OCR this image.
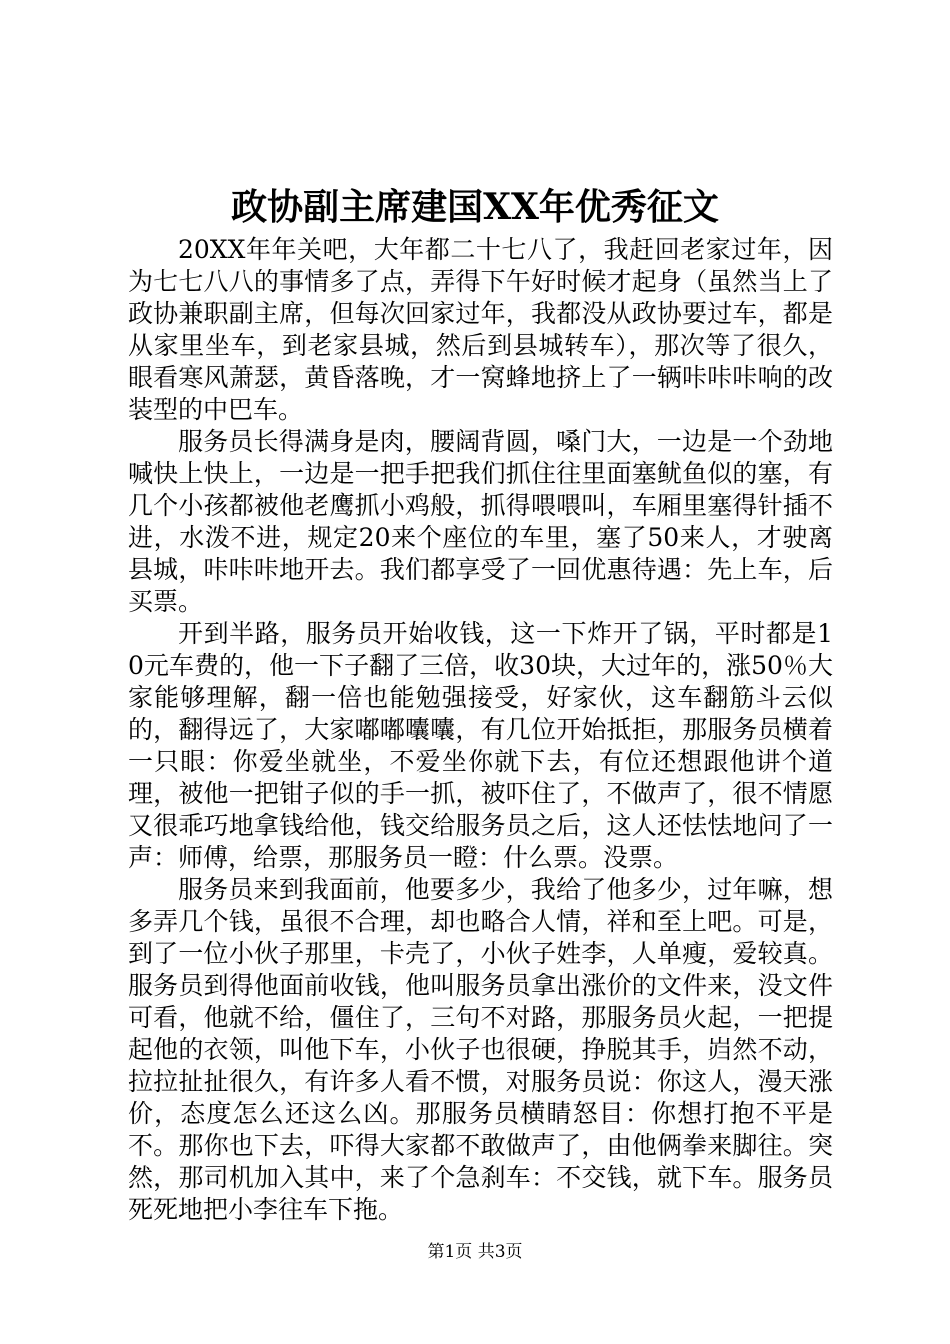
政协副主席建国XX年优秀征文

20XX年年关吧，大年都二十七八了，我赶回老家过年，因为七七八八的事情多了点，弄得下午好时候才起身（虽然当上了政协兼职副主席，但每次回家过年，我都没从政协要过车，都是从家里坐车，到老家县城，然后到县城转车），那次等了很久，眼看寒风萧瑟，黄昏落晚，才一窝蜂地挤上了一辆咔咔咔响的改装型的中巴车。

服务员长得满身是肉，腰阔背圆，嗓门大，一边是一个劲地喊快上快上，一边是一把手把我们抓住往里面塞鱿鱼似的塞，有几个小孩都被他老鹰抓小鸡般，抓得喂喂叫，车厢里塞得针插不进，水泼不进，规定20来个座位的车里，塞了50来人，才驶离县城，咔咔咔地开去。我们都享受了一回优惠待遇：先上车，后买票。

开到半路，服务员开始收钱，这一下炸开了锅，平时都是10元车费的，他一下子翻了三倍，收30块，大过年的，涨50％大家能够理解，翻一倍也能勉强接受，好家伙，这车翻筋斗云似的，翻得远了，大家嘟嘟囔囔，有几位开始抵拒，那服务员横着一只眼：你爱坐就坐，不爱坐你就下去，有位还想跟他讲个道理，被他一把钳子似的手一抓，被吓住了，不做声了，很不情愿又很乖巧地拿钱给他，钱交给服务员之后，这人还怯怯地问了一声：师傅，给票，那服务员一瞪：什么票。没票。

服务员来到我面前，他要多少，我给了他多少，过年嘛，想多弄几个钱，虽很不合理，却也略合人情，祥和至上吧。可是，到了一位小伙子那里，卡壳了，小伙子姓李，人单瘦，爱较真。服务员到得他面前收钱，他叫服务员拿出涨价的文件来，没文件可看，他就不给，僵住了，三句不对路，那服务员火起，一把提起他的衣领，叫他下车，小伙子也很硬，挣脱其手，岿然不动，拉拉扯扯很久，有许多人看不惯，对服务员说：你这人，漫天涨价，态度怎么还这么凶。那服务员横睛怒目：你想打抱不平是不。那你也下去，吓得大家都不敢做声了，由他俩拳来脚往。突然，那司机加入其中，来了个急刹车：不交钱，就下车。服务员死死地把小李往车下拖。

第1页 共3页
